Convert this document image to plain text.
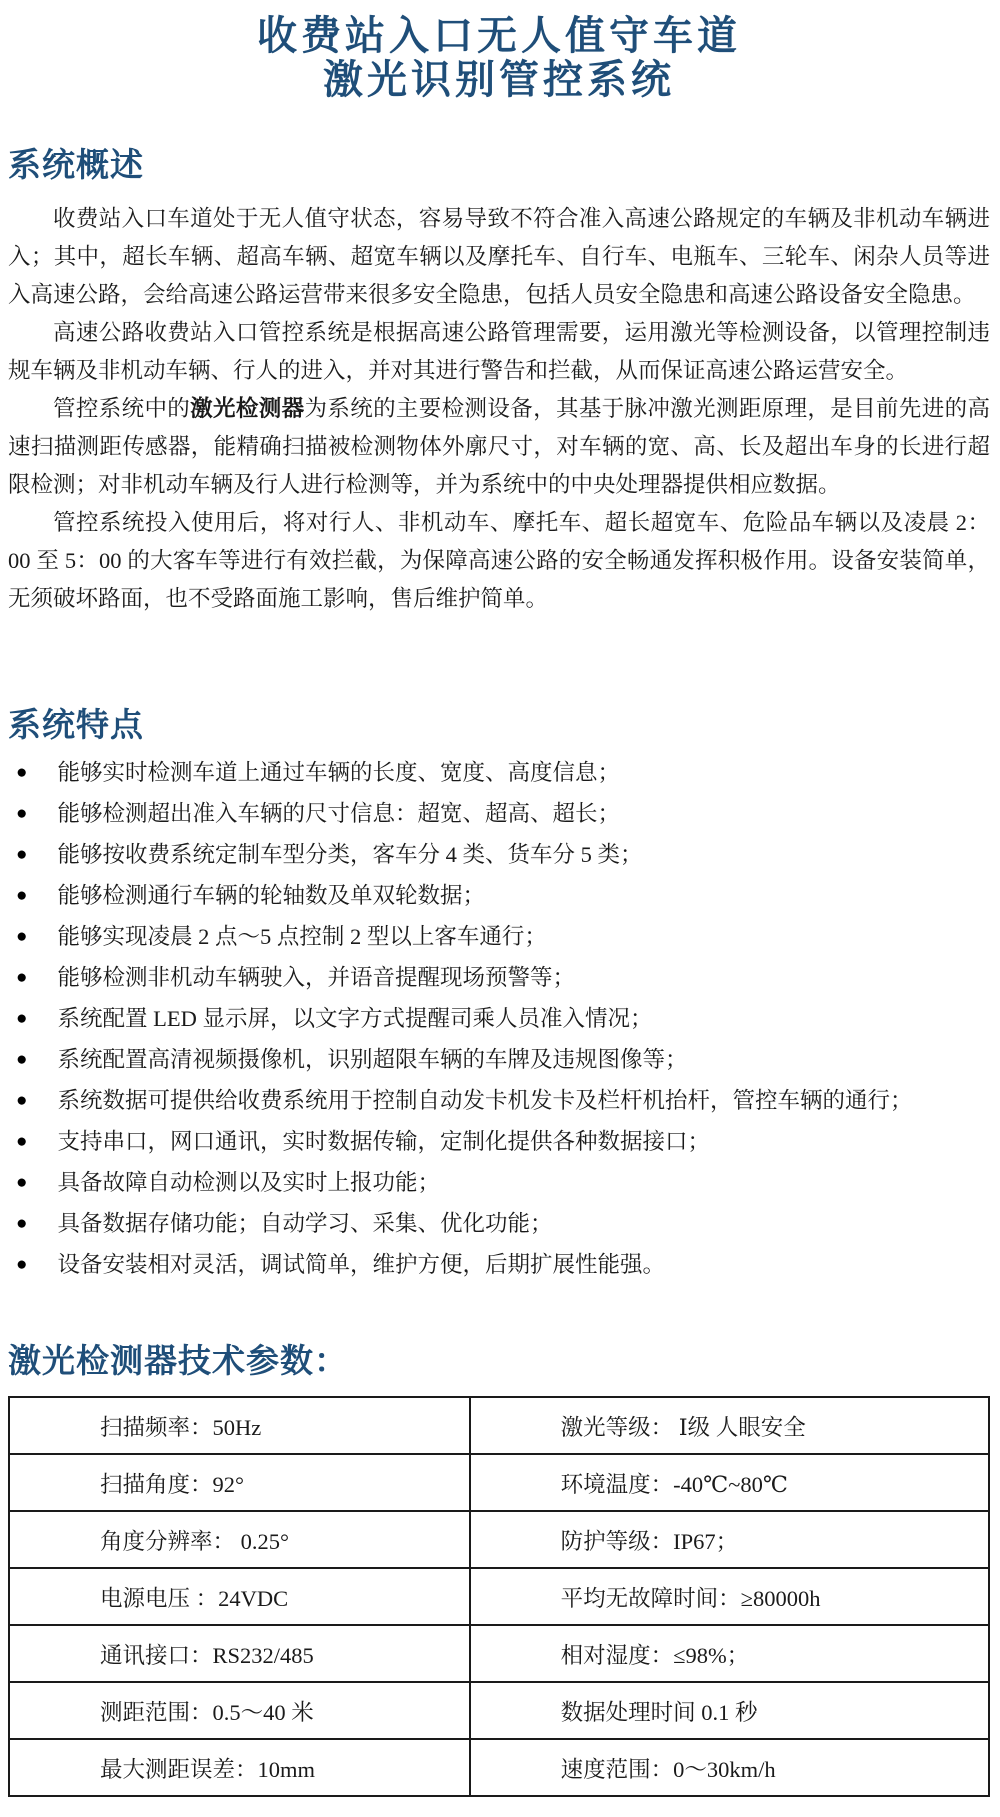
收费站入口无人值守车道
激光识别管控系统
系统概述

收费站入口车道处于无人值守状态，容易导致不符合准入高速公路规定的车辆及非机动车辆进入；其中，超长车辆、超高车辆、超宽车辆以及摩托车、自行车、电瓶车、三轮车、闲杂人员等进入高速公路，会给高速公路运营带来很多安全隐患，包括人员安全隐患和高速公路设备安全隐患。

高速公路收费站入口管控系统是根据高速公路管理需要，运用激光等检测设备，以管理控制违规车辆及非机动车辆、行人的进入，并对其进行警告和拦截，从而保证高速公路运营安全。

管控系统中的激光检测器为系统的主要检测设备，其基于脉冲激光测距原理，是目前先进的高速扫描测距传感器，能精确扫描被检测物体外廓尺寸，对车辆的宽、高、长及超出车身的长进行超限检测；对非机动车辆及行人进行检测等，并为系统中的中央处理器提供相应数据。

管控系统投入使用后，将对行人、非机动车、摩托车、超长超宽车、危险品车辆以及凌晨 2：00 至 5：00 的大客车等进行有效拦截，为保障高速公路的安全畅通发挥积极作用。设备安装简单，无须破坏路面，也不受路面施工影响，售后维护简单。

系统特点
● 能够实时检测车道上通过车辆的长度、宽度、高度信息；
● 能够检测超出准入车辆的尺寸信息：超宽、超高、超长；
● 能够按收费系统定制车型分类，客车分 4 类、货车分 5 类；
● 能够检测通行车辆的轮轴数及单双轮数据；
● 能够实现凌晨 2 点～5 点控制 2 型以上客车通行；
● 能够检测非机动车辆驶入，并语音提醒现场预警等；
● 系统配置 LED 显示屏，以文字方式提醒司乘人员准入情况；
● 系统配置高清视频摄像机，识别超限车辆的车牌及违规图像等；
● 系统数据可提供给收费系统用于控制自动发卡机发卡及栏杆机抬杆，管控车辆的通行；
● 支持串口，网口通讯，实时数据传输，定制化提供各种数据接口；
● 具备故障自动检测以及实时上报功能；
● 具备数据存储功能；自动学习、采集、优化功能；
● 设备安装相对灵活，调试简单，维护方便，后期扩展性能强。
激光检测器技术参数：
扫描频率：50Hz	激光等级： Ⅰ级 人眼安全
扫描角度：92°	环境温度：-40℃~80℃
角度分辨率： 0.25°	防护等级：IP67；
电源电压 ：24VDC	平均无故障时间：≥80000h
通讯接口：RS232/485	相对湿度：≤98%；
测距范围：0.5～40 米	数据处理时间 0.1 秒
最大测距误差：10mm	速度范围：0～30km/h
